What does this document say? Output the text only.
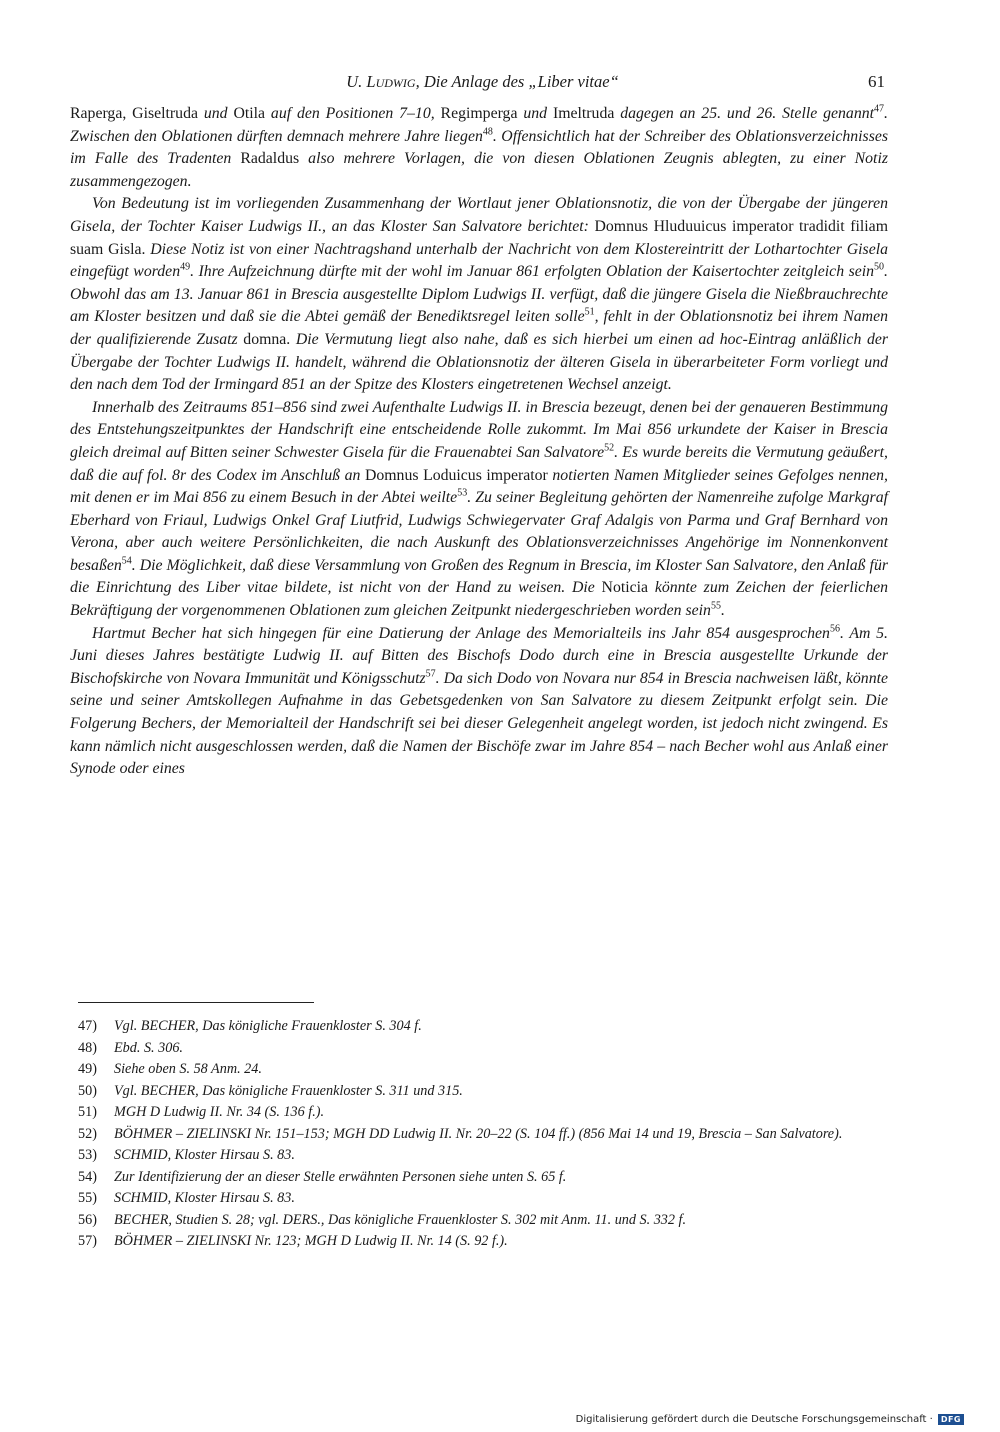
U. Ludwig, Die Anlage des „Liber vitae“	61

Raperga, Giseltruda und Otila auf den Positionen 7–10, Regimperga und Imeltruda dagegen an 25. und 26. Stelle genannt$^{47}$. Zwischen den Oblationen dürften demnach mehrere Jahre liegen$^{48}$. Offensichtlich hat der Schreiber des Oblationsverzeichnisses im Falle des Tradenten Radaldus also mehrere Vorlagen, die von diesen Oblationen Zeugnis ablegten, zu einer Notiz zusammengezogen.

Von Bedeutung ist im vorliegenden Zusammenhang der Wortlaut jener Oblationsnotiz, die von der Übergabe der jüngeren Gisela, der Tochter Kaiser Ludwigs II., an das Kloster San Salvatore berichtet: Domnus Hluduuicus imperator tradidit filiam suam Gisla. Diese Notiz ist von einer Nachtragshand unterhalb der Nachricht von dem Klostereintritt der Lothartochter Gisela eingefügt worden$^{49}$. Ihre Aufzeichnung dürfte mit der wohl im Januar 861 erfolgten Oblation der Kaisertochter zeitgleich sein$^{50}$. Obwohl das am 13. Januar 861 in Brescia ausgestellte Diplom Ludwigs II. verfügt, daß die jüngere Gisela die Nießbrauchrechte am Kloster besitzen und daß sie die Abtei gemäß der Benediktsregel leiten solle$^{51}$, fehlt in der Oblationsnotiz bei ihrem Namen der qualifizierende Zusatz domna. Die Vermutung liegt also nahe, daß es sich hierbei um einen ad hoc-Eintrag anläßlich der Übergabe der Tochter Ludwigs II. handelt, während die Oblationsnotiz der älteren Gisela in überarbeiteter Form vorliegt und den nach dem Tod der Irmingard 851 an der Spitze des Klosters eingetretenen Wechsel anzeigt.

Innerhalb des Zeitraums 851–856 sind zwei Aufenthalte Ludwigs II. in Brescia bezeugt, denen bei der genaueren Bestimmung des Entstehungszeitpunktes der Handschrift eine entscheidende Rolle zukommt. Im Mai 856 urkundete der Kaiser in Brescia gleich dreimal auf Bitten seiner Schwester Gisela für die Frauenabtei San Salvatore$^{52}$. Es wurde bereits die Vermutung geäußert, daß die auf fol. 8r des Codex im Anschluß an Domnus Loduicus imperator notierten Namen Mitglieder seines Gefolges nennen, mit denen er im Mai 856 zu einem Besuch in der Abtei weilte$^{53}$. Zu seiner Begleitung gehörten der Namenreihe zufolge Markgraf Eberhard von Friaul, Ludwigs Onkel Graf Liutfrid, Ludwigs Schwiegervater Graf Adalgis von Parma und Graf Bernhard von Verona, aber auch weitere Persönlichkeiten, die nach Auskunft des Oblationsverzeichnisses Angehörige im Nonnenkonvent besaßen$^{54}$. Die Möglichkeit, daß diese Versammlung von Großen des Regnum in Brescia, im Kloster San Salvatore, den Anlaß für die Einrichtung des Liber vitae bildete, ist nicht von der Hand zu weisen. Die Noticia könnte zum Zeichen der feierlichen Bekräftigung der vorgenommenen Oblationen zum gleichen Zeitpunkt niedergeschrieben worden sein$^{55}$.

Hartmut Becher hat sich hingegen für eine Datierung der Anlage des Memorialteils ins Jahr 854 ausgesprochen$^{56}$. Am 5. Juni dieses Jahres bestätigte Ludwig II. auf Bitten des Bischofs Dodo durch eine in Brescia ausgestellte Urkunde der Bischofskirche von Novara Immunität und Königsschutz$^{57}$. Da sich Dodo von Novara nur 854 in Brescia nachweisen läßt, könnte seine und seiner Amtskollegen Aufnahme in das Gebetsgedenken von San Salvatore zu diesem Zeitpunkt erfolgt sein. Die Folgerung Bechers, der Memorialteil der Handschrift sei bei dieser Gelegenheit angelegt worden, ist jedoch nicht zwingend. Es kann nämlich nicht ausgeschlossen werden, daß die Namen der Bischöfe zwar im Jahre 854 – nach Becher wohl aus Anlaß einer Synode oder eines

47) Vgl. BECHER, Das königliche Frauenkloster S. 304 f.
48) Ebd. S. 306.
49) Siehe oben S. 58 Anm. 24.
50) Vgl. BECHER, Das königliche Frauenkloster S. 311 und 315.
51) MGH D Ludwig II. Nr. 34 (S. 136 f.).
52) BÖHMER – ZIELINSKI Nr. 151–153; MGH DD Ludwig II. Nr. 20–22 (S. 104 ff.) (856 Mai 14 und 19, Brescia – San Salvatore).
53) SCHMID, Kloster Hirsau S. 83.
54) Zur Identifizierung der an dieser Stelle erwähnten Personen siehe unten S. 65 f.
55) SCHMID, Kloster Hirsau S. 83.
56) BECHER, Studien S. 28; vgl. DERS., Das königliche Frauenkloster S. 302 mit Anm. 11. und S. 332 f.
57) BÖHMER – ZIELINSKI Nr. 123; MGH D Ludwig II. Nr. 14 (S. 92 f.).
Digitalisierung gefördert durch die Deutsche Forschungsgemeinschaft ·	DFG
